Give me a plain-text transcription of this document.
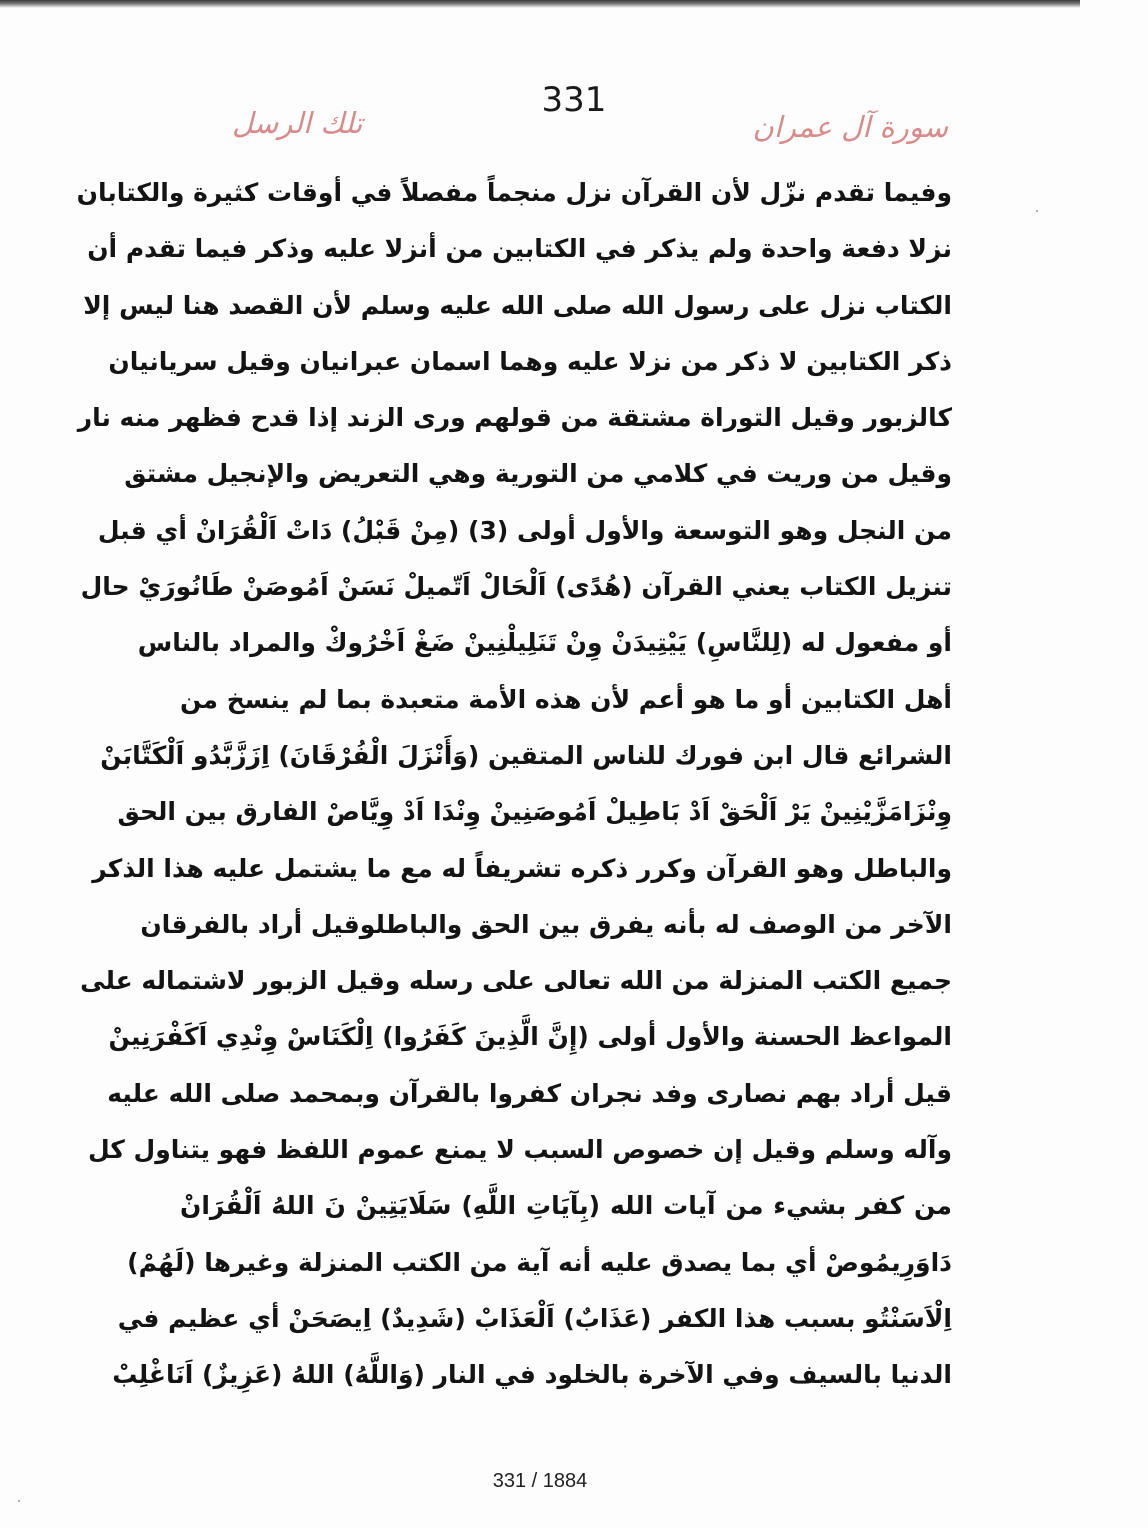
331
سورة آل عمران
تلك الرسل
وفيما تقدم نزّل لأن القرآن نزل منجماً مفصلاً في أوقات كثيرة والكتابان
نزلا دفعة واحدة ولم يذكر في الكتابين من أنزلا عليه وذكر فيما تقدم أن
الكتاب نزل على رسول الله صلى الله عليه وسلم لأن القصد هنا ليس إلا
ذكر الكتابين لا ذكر من نزلا عليه وهما اسمان عبرانيان وقيل سريانيان
كالزبور وقيل التوراة مشتقة من قولهم ورى الزند إذا قدح فظهر منه نار
وقيل من وريت في كلامي من التورية وهي التعريض والإنجيل مشتق
من النجل وهو التوسعة والأول أولى (3) (مِنْ قَبْلُ) دَاتْ اَلْقُرَانْ أي قبل
تنزيل الكتاب يعني القرآن (هُدًى) اَلْحَالْ اَتّميلْ نَسَنْ اَمُوصَنْ طَانُورَيْ حال
أو مفعول له (لِلنَّاسِ) يَيْتِيدَنْ وِنْ تَنَلِيلْنِينْ ضَغْ اَخْرُوكْ والمراد بالناس
أهل الكتابين أو ما هو أعم لأن هذه الأمة متعبدة بما لم ينسخ من
الشرائع قال ابن فورك للناس المتقين (وَأَنْزَلَ الْفُرْقَانَ) اِزَزَّبَّدُو اَلْكَتَّابَنْ
وِنْزَامَزَّيْنِينْ يَرْ اَلْحَقْ اَدْ بَاطِيلْ اَمُوصَنِينْ وِنْدَا اَدْ وِيَّاصْ الفارق بين الحق
والباطل وهو القرآن وكرر ذكره تشريفاً له مع ما يشتمل عليه هذا الذكر
الآخر من الوصف له بأنه يفرق بين الحق والباطلوقيل أراد بالفرقان
جميع الكتب المنزلة من الله تعالى على رسله وقيل الزبور لاشتماله على
المواعظ الحسنة والأول أولى (إِنَّ الَّذِينَ كَفَرُوا) اِلْكَنَاسْ وِنْدِي اَكَفْرَنِينْ
قيل أراد بهم نصارى وفد نجران كفروا بالقرآن وبمحمد صلى الله عليه
وآله وسلم وقيل إن خصوص السبب لا يمنع عموم اللفظ فهو يتناول كل
من كفر بشيء من آيات الله (بِآيَاتِ اللَّهِ) سَلَايَتِينْ نَ اللهُ اَلْقُرَانْ
دَاوَرِيمُوصْ أي بما يصدق عليه أنه آية من الكتب المنزلة وغيرها (لَهُمْ)
اِلْاَسَنْتُو بسبب هذا الكفر (عَذَابٌ) اَلْعَذَابْ (شَدِيدٌ) اِيصَحَنْ أي عظيم في
الدنيا بالسيف وفي الآخرة بالخلود في النار (وَاللَّهُ) اللهُ (عَزِيزٌ) اَنَاغْلِبْ
331 / 1884
